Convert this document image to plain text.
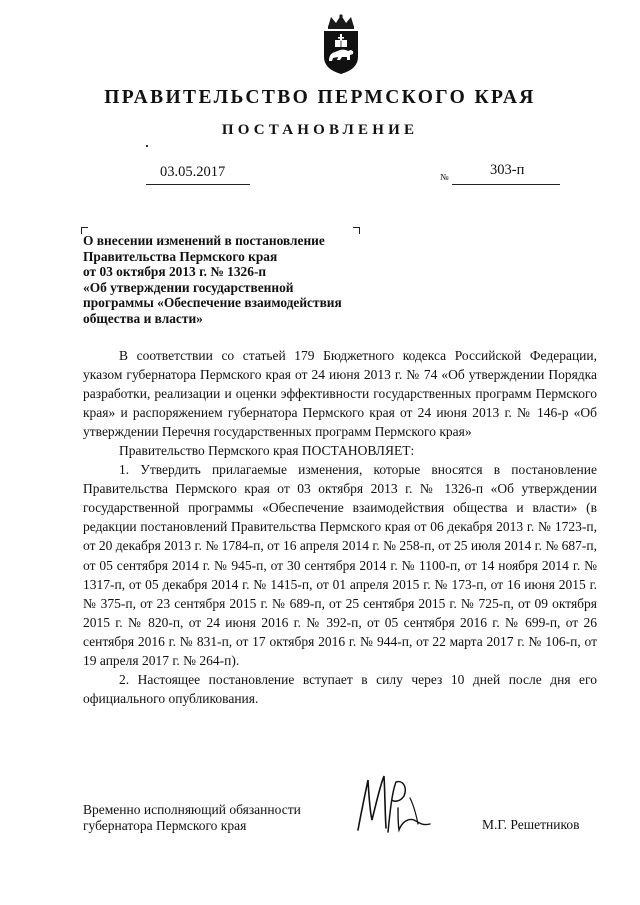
ПРАВИТЕЛЬСТВО ПЕРМСКОГО КРАЯ
ПОСТАНОВЛЕНИЕ
03.05.2017	№	303-п
О внесении изменений в постановление
Правительства Пермского края
от 03 октября 2013 г. № 1326-п
«Об утверждении государственной
программы «Обеспечение взаимодействия
общества и власти»

В соответствии со статьей 179 Бюджетного кодекса Российской Федерации, указом губернатора Пермского края от 24 июня 2013 г. № 74 «Об утверждении Порядка разработки, реализации и оценки эффективности государственных программ Пермского края» и распоряжением губернатора Пермского края от 24 июня 2013 г. № 146-р «Об утверждении Перечня государственных программ Пермского края»

Правительство Пермского края ПОСТАНОВЛЯЕТ:

1. Утвердить прилагаемые изменения, которые вносятся в постановление Правительства Пермского края от 03 октября 2013 г. № 1326-п «Об утверждении государственной программы «Обеспечение взаимодействия общества и власти» (в редакции постановлений Правительства Пермского края от 06 декабря 2013 г. № 1723-п, от 20 декабря 2013 г. № 1784-п, от 16 апреля 2014 г. № 258-п, от 25 июля 2014 г. № 687-п, от 05 сентября 2014 г. № 945-п, от 30 сентября 2014 г. № 1100-п, от 14 ноября 2014 г. № 1317-п, от 05 декабря 2014 г. № 1415-п, от 01 апреля 2015 г. № 173-п, от 16 июня 2015 г. № 375-п, от 23 сентября 2015 г. № 689-п, от 25 сентября 2015 г. № 725-п, от 09 октября 2015 г. № 820-п, от 24 июня 2016 г. № 392-п, от 05 сентября 2016 г. № 699-п, от 26 сентября 2016 г. № 831-п, от 17 октября 2016 г. № 944-п, от 22 марта 2017 г. № 106-п, от 19 апреля 2017 г. № 264-п).

2. Настоящее постановление вступает в силу через 10 дней после дня его официального опубликования.

Временно исполняющий обязанности
губернатора Пермского края	М.Г. Решетников
